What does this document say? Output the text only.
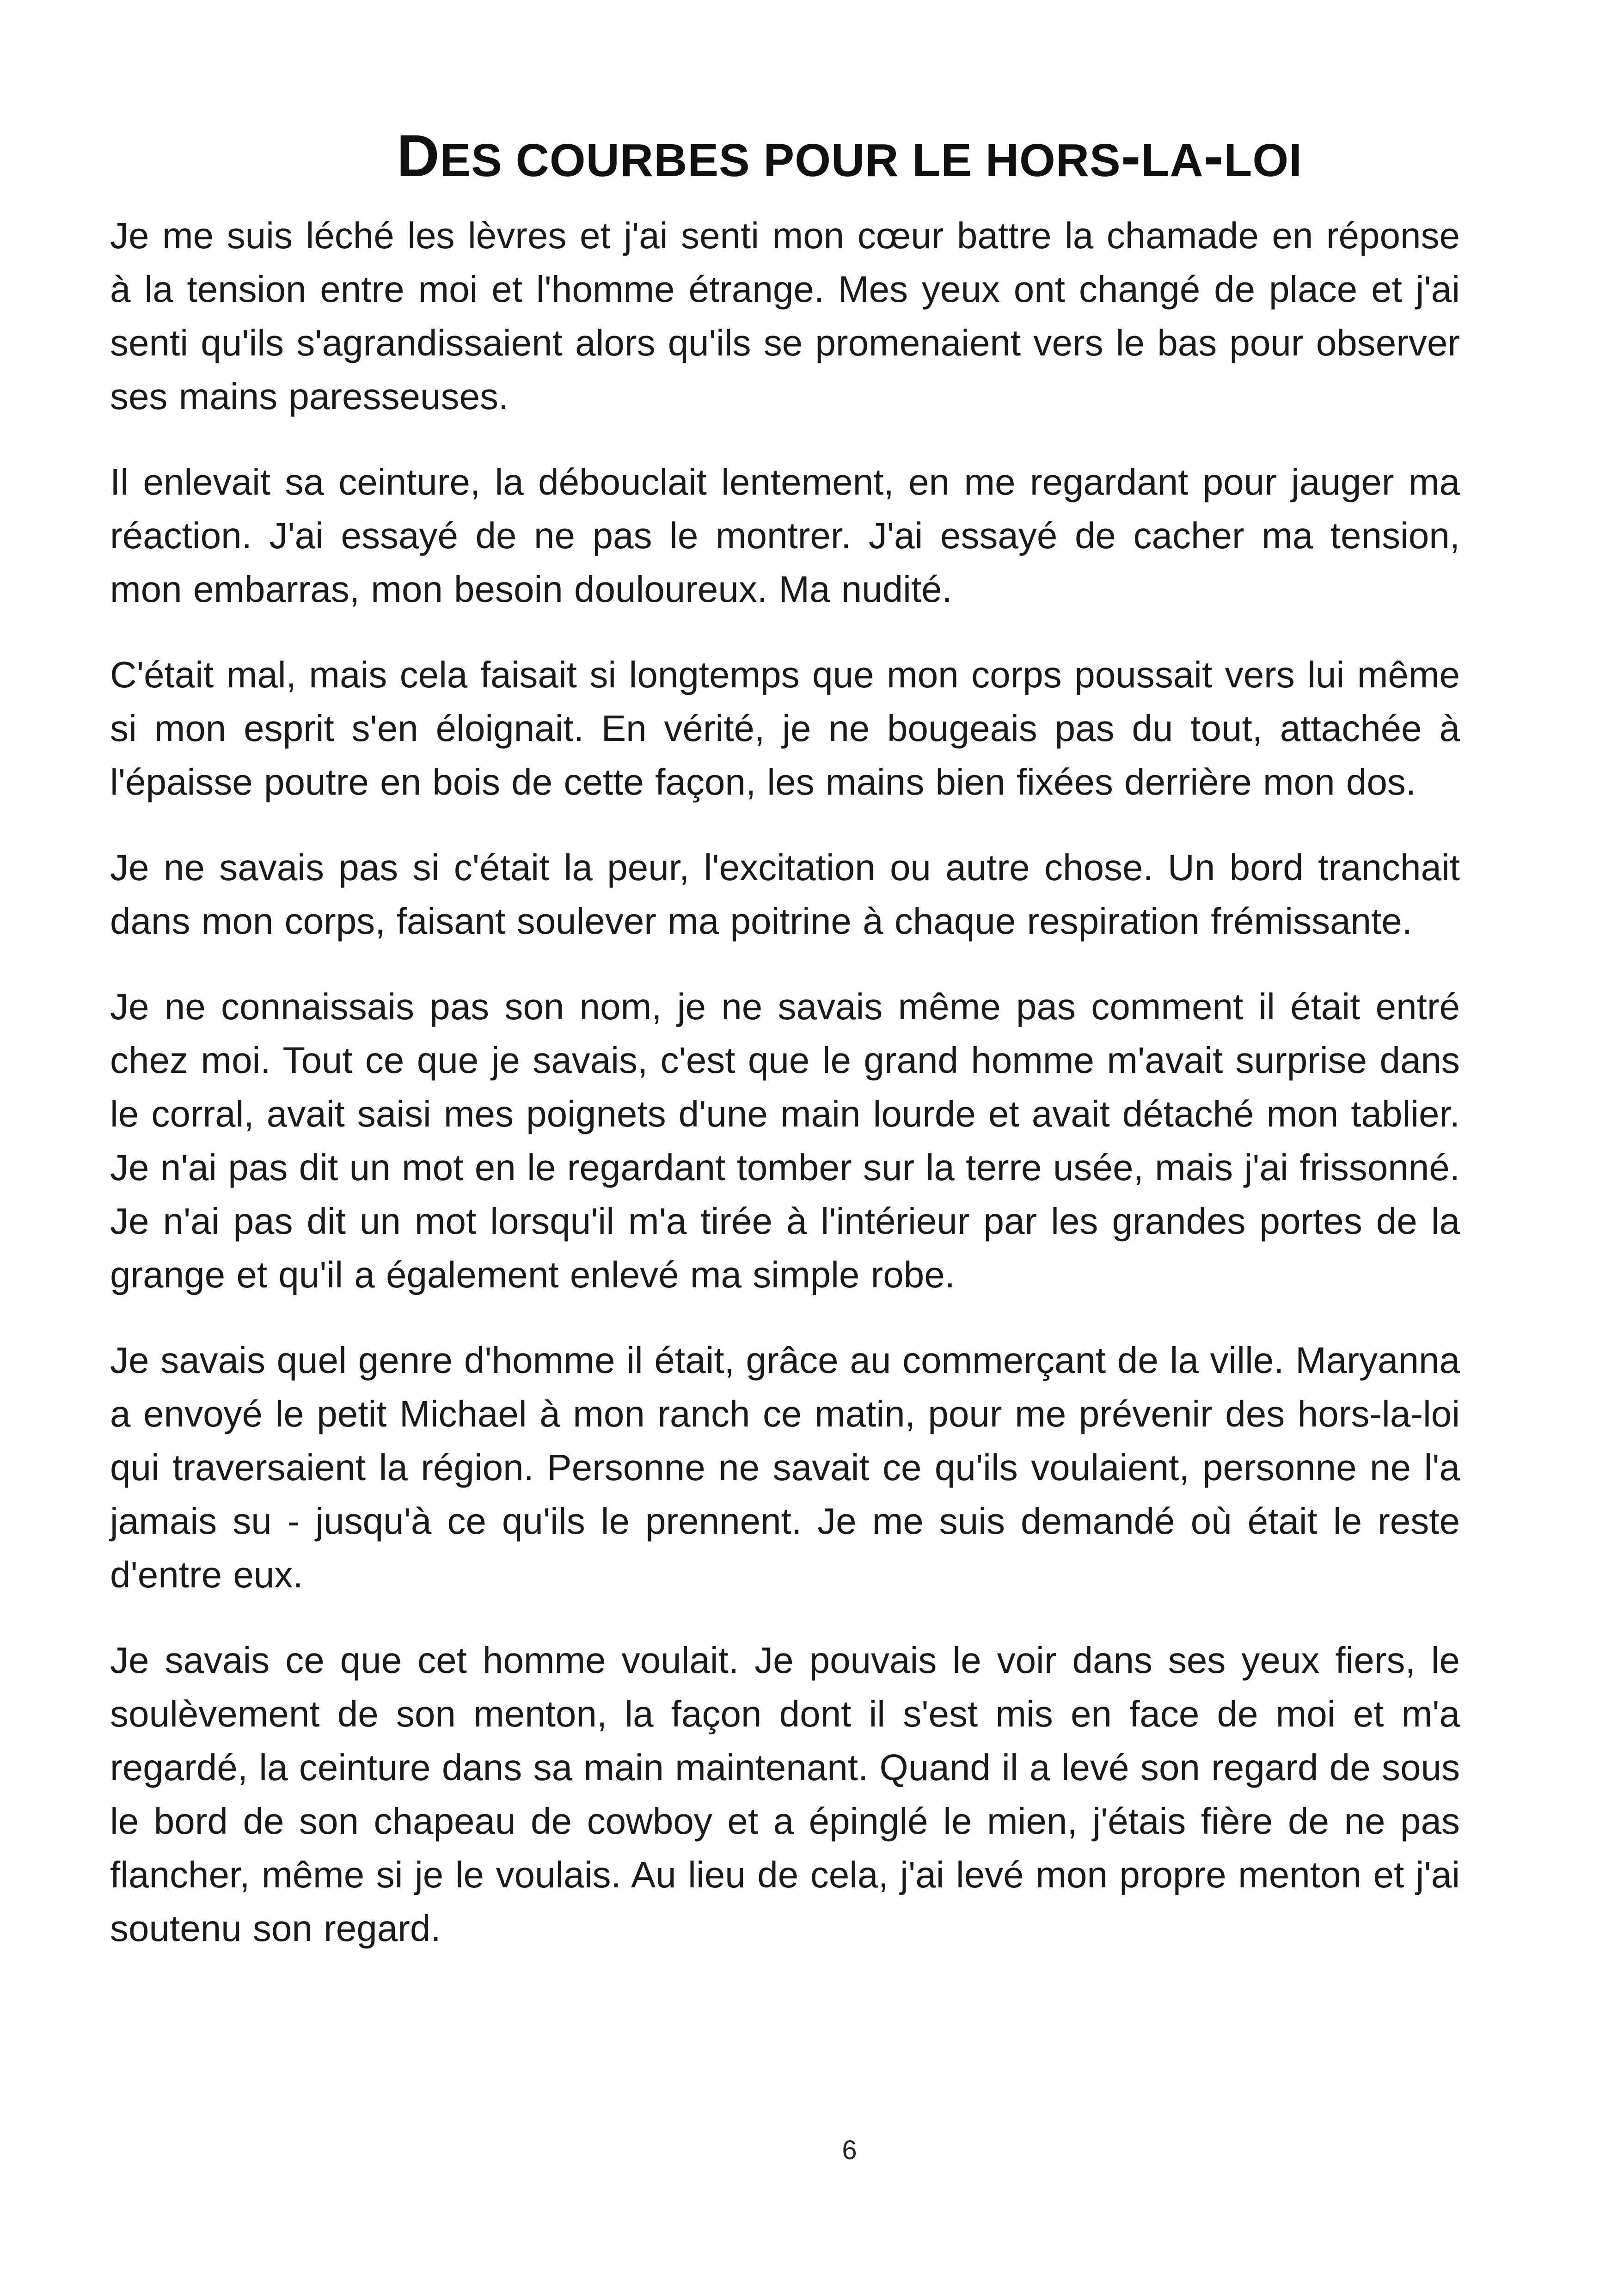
DES COURBES POUR LE HORS-LA-LOI

Je me suis léché les lèvres et j'ai senti mon cœur battre la chamade en réponse à la tension entre moi et l'homme étrange. Mes yeux ont changé de place et j'ai senti qu'ils s'agrandissaient alors qu'ils se promenaient vers le bas pour observer ses mains paresseuses.

Il enlevait sa ceinture, la débouclait lentement, en me regardant pour jauger ma réaction. J'ai essayé de ne pas le montrer. J'ai essayé de cacher ma tension, mon embarras, mon besoin douloureux. Ma nudité.

C'était mal, mais cela faisait si longtemps que mon corps poussait vers lui même si mon esprit s'en éloignait. En vérité, je ne bougeais pas du tout, attachée à l'épaisse poutre en bois de cette façon, les mains bien fixées derrière mon dos.

Je ne savais pas si c'était la peur, l'excitation ou autre chose. Un bord tranchait dans mon corps, faisant soulever ma poitrine à chaque respiration frémissante.

Je ne connaissais pas son nom, je ne savais même pas comment il était entré chez moi. Tout ce que je savais, c'est que le grand homme m'avait surprise dans le corral, avait saisi mes poignets d'une main lourde et avait détaché mon tablier. Je n'ai pas dit un mot en le regardant tomber sur la terre usée, mais j'ai frissonné. Je n'ai pas dit un mot lorsqu'il m'a tirée à l'intérieur par les grandes portes de la grange et qu'il a également enlevé ma simple robe.

Je savais quel genre d'homme il était, grâce au commerçant de la ville. Maryanna a envoyé le petit Michael à mon ranch ce matin, pour me prévenir des hors-la-loi qui traversaient la région. Personne ne savait ce qu'ils voulaient, personne ne l'a jamais su - jusqu'à ce qu'ils le prennent. Je me suis demandé où était le reste d'entre eux.

Je savais ce que cet homme voulait. Je pouvais le voir dans ses yeux fiers, le soulèvement de son menton, la façon dont il s'est mis en face de moi et m'a regardé, la ceinture dans sa main maintenant. Quand il a levé son regard de sous le bord de son chapeau de cowboy et a épinglé le mien, j'étais fière de ne pas flancher, même si je le voulais. Au lieu de cela, j'ai levé mon propre menton et j'ai soutenu son regard.

6
